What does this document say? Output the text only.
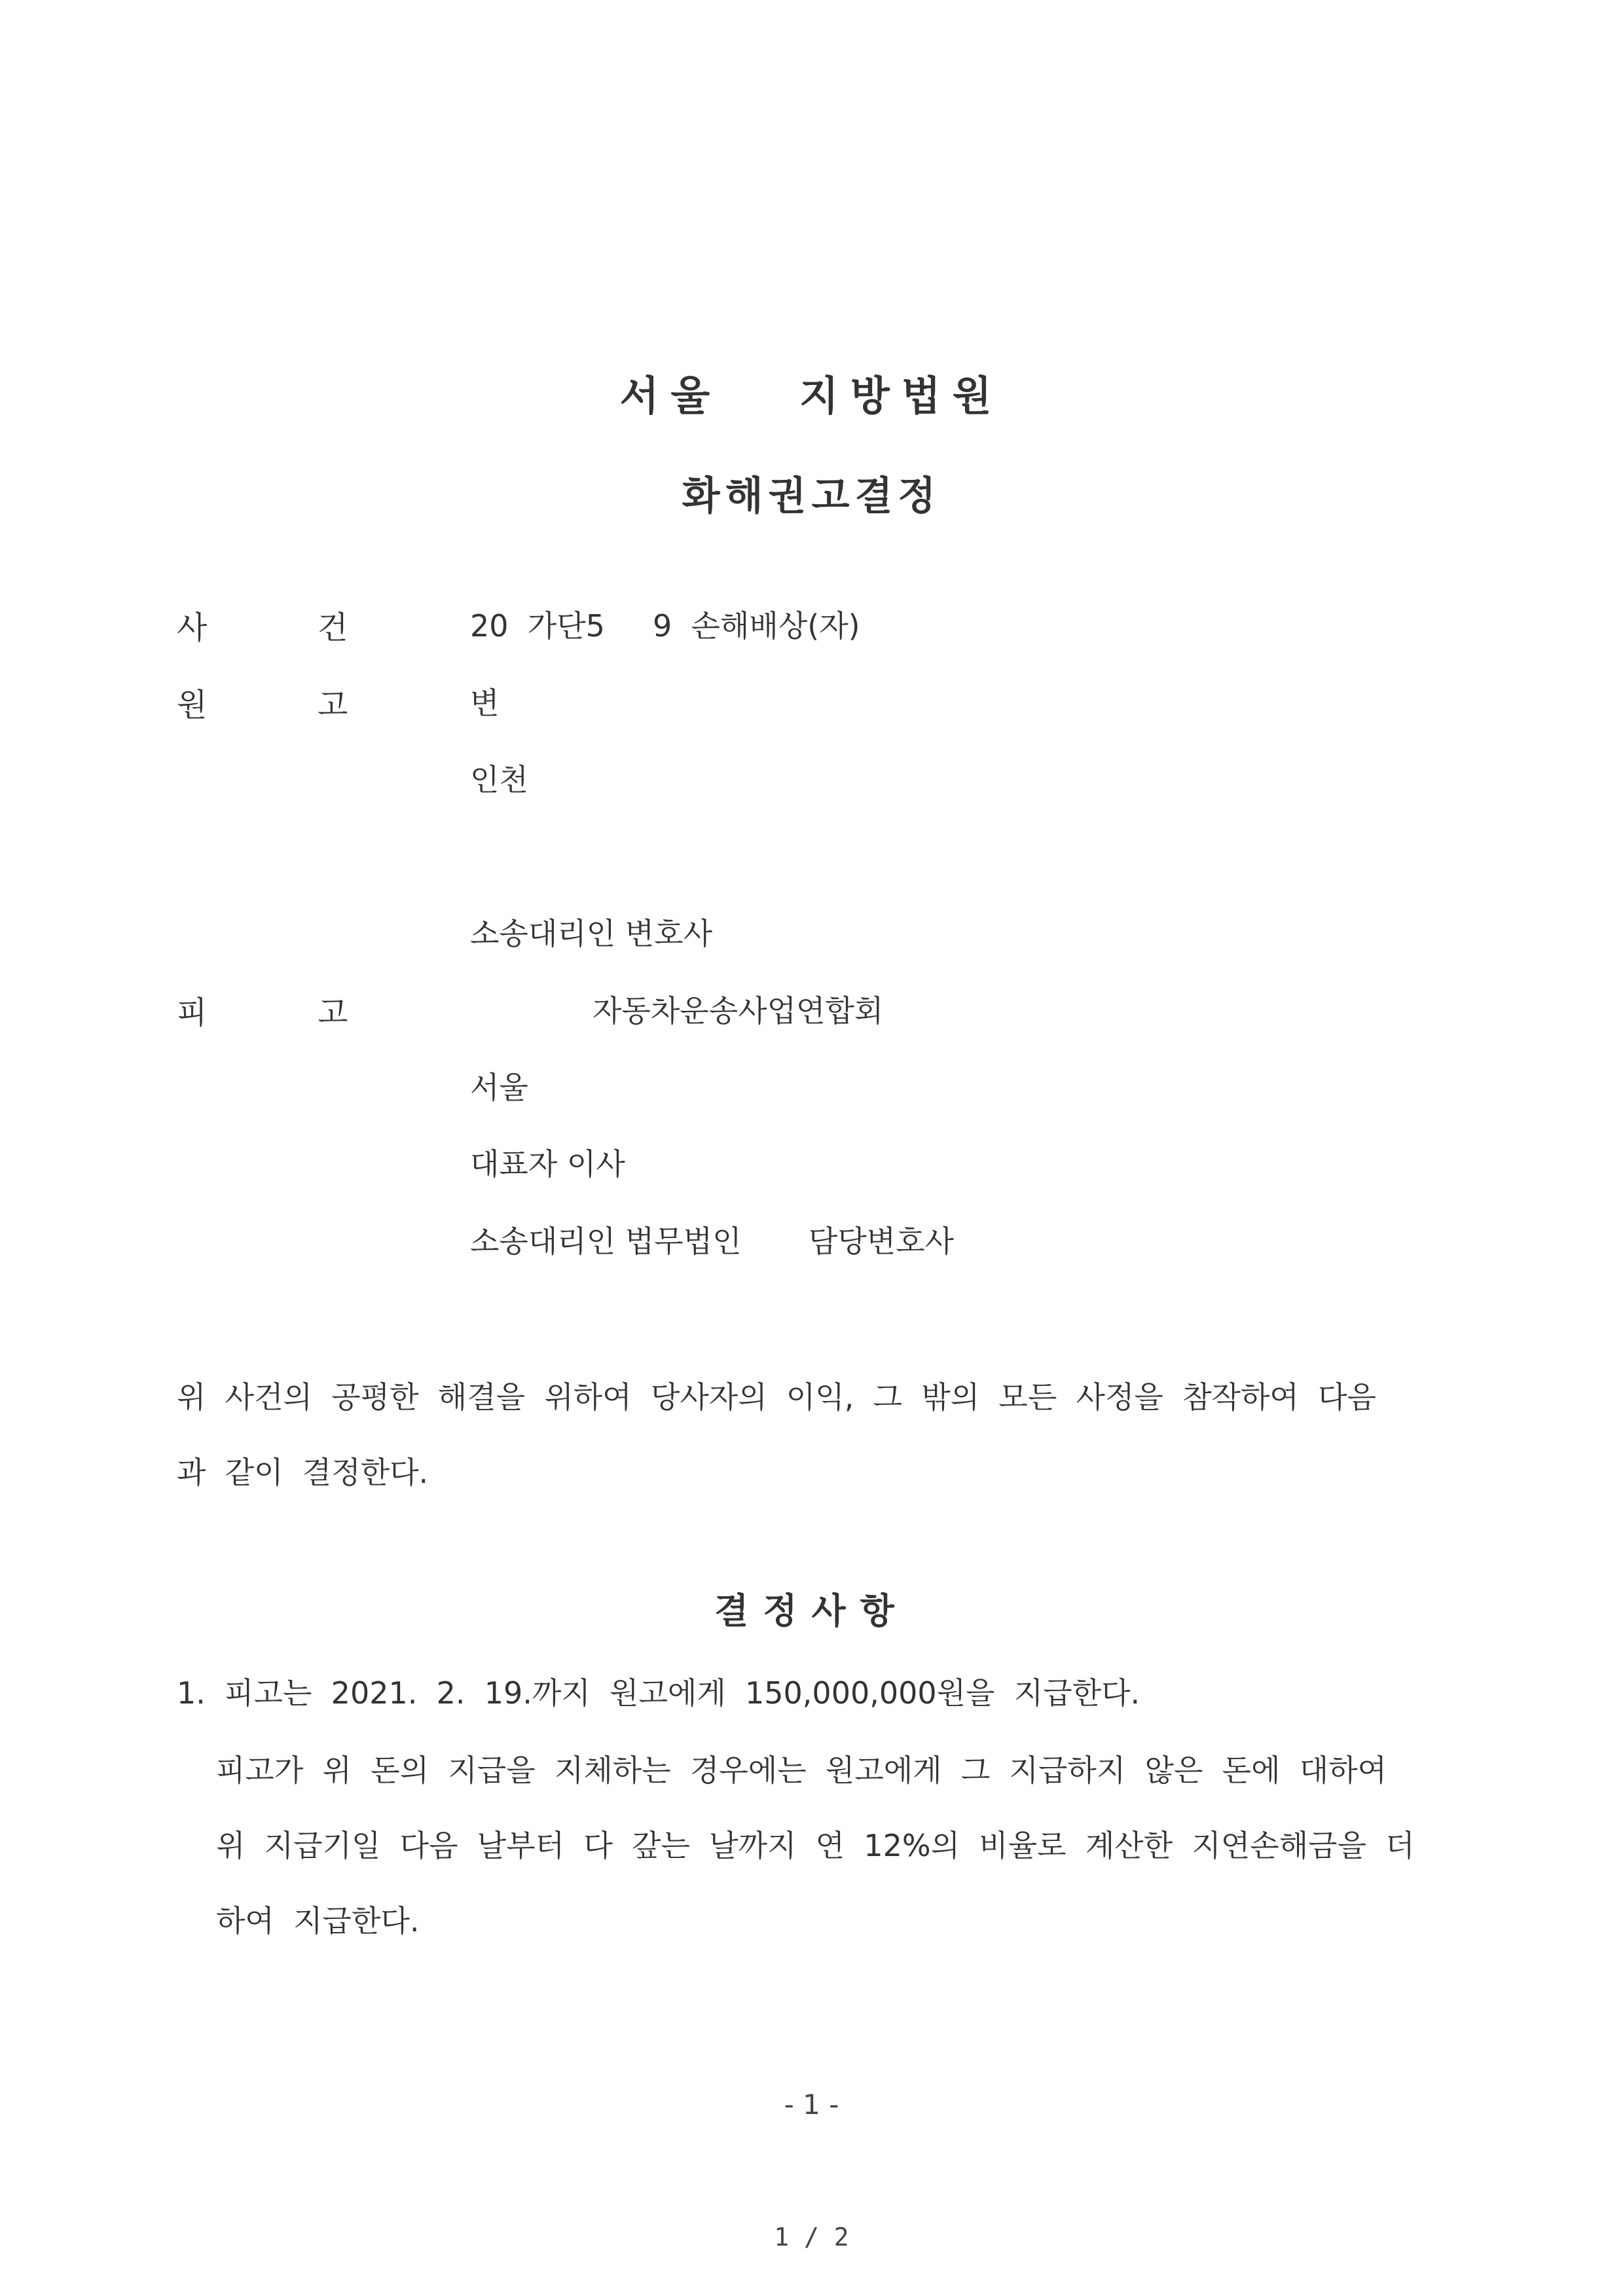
서울   지방법원
화해권고결정
사	건	20  가단5     9  손해배상(자)
원	고	변
인천
소송대리인 변호사
피	고	자동차운송사업연합회
서울
대표자 이사
소송대리인 법무법인       담당변호사
위  사건의  공평한  해결을  위하여  당사자의  이익,  그  밖의  모든  사정을  참작하여  다음
과  같이  결정한다.
결정사항
1.  피고는  2021.  2.  19.까지  원고에게  150,000,000원을  지급한다.
피고가  위  돈의  지급을  지체하는  경우에는  원고에게  그  지급하지  않은  돈에  대하여
위  지급기일  다음  날부터  다  갚는  날까지  연  12%의  비율로  계산한  지연손해금을  더
하여  지급한다.
- 1 -
1 / 2
